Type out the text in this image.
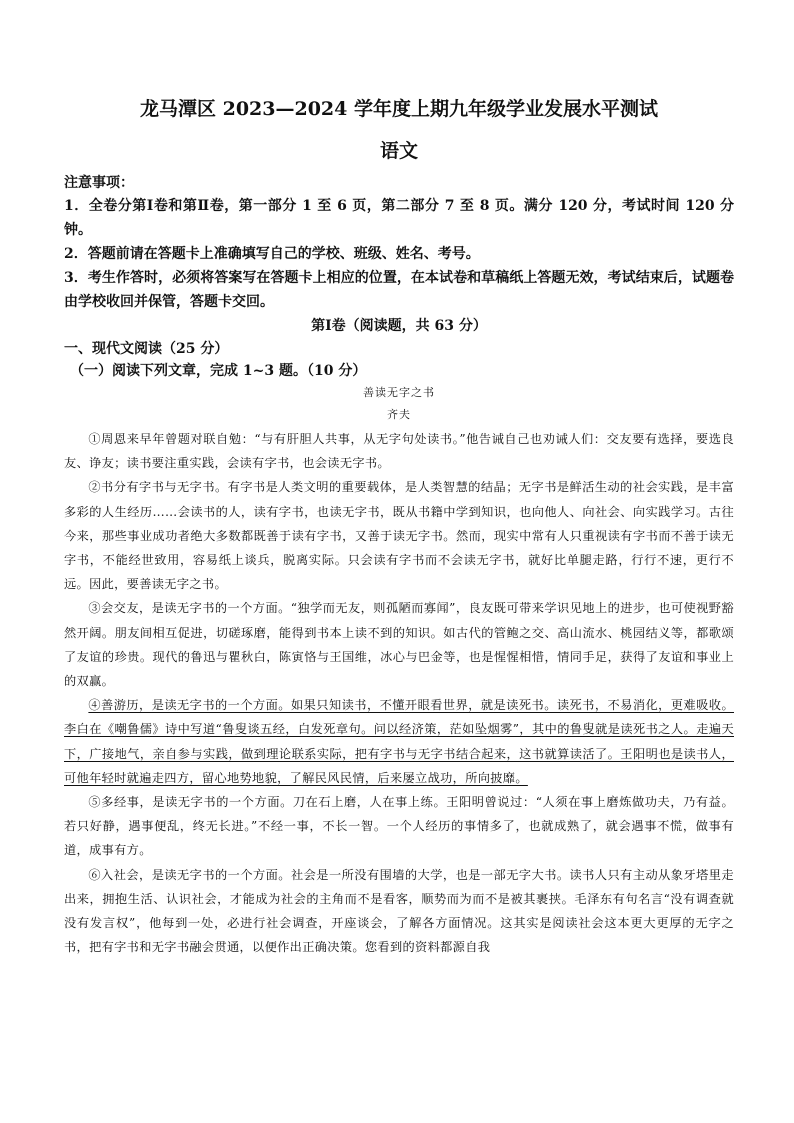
龙马潭区 2023—2024 学年度上期九年级学业发展水平测试
语文
注意事项：
1．全卷分第Ⅰ卷和第Ⅱ卷，第一部分 1 至 6 页，第二部分 7 至 8 页。满分 120 分，考试时间 120 分钟。
2．答题前请在答题卡上准确填写自己的学校、班级、姓名、考号。
3．考生作答时，必须将答案写在答题卡上相应的位置，在本试卷和草稿纸上答题无效，考试结束后，试题卷由学校收回并保管，答题卡交回。
第Ⅰ卷（阅读题，共 63 分）
一、现代文阅读（25 分）
（一）阅读下列文章，完成 1~3 题。（10 分）
善读无字之书
齐夫

①周恩来早年曾题对联自勉：“与有肝胆人共事，从无字句处读书。”他告诫自己也劝诫人们：交友要有选择，要选良友、诤友；读书要注重实践，会读有字书，也会读无字书。

②书分有字书与无字书。有字书是人类文明的重要载体，是人类智慧的结晶；无字书是鲜活生动的社会实践，是丰富多彩的人生经历……会读书的人，读有字书，也读无字书，既从书籍中学到知识，也向他人、向社会、向实践学习。古往今来，那些事业成功者绝大多数都既善于读有字书，又善于读无字书。然而，现实中常有人只重视读有字书而不善于读无字书，不能经世致用，容易纸上谈兵，脱离实际。只会读有字书而不会读无字书，就好比单腿走路，行行不速，更行不远。因此，要善读无字之书。

③会交友，是读无字书的一个方面。“独学而无友，则孤陋而寡闻”，良友既可带来学识见地上的进步，也可使视野豁然开阔。朋友间相互促进，切磋琢磨，能得到书本上读不到的知识。如古代的管鲍之交、高山流水、桃园结义等，都歌颂了友谊的珍贵。现代的鲁迅与瞿秋白，陈寅恪与王国维，冰心与巴金等，也是惺惺相惜，情同手足，获得了友谊和事业上的双赢。

④善游历，是读无字书的一个方面。如果只知读书，不懂开眼看世界，就是读死书。读死书，不易消化，更难吸收。李白在《嘲鲁儒》诗中写道“鲁叟谈五经，白发死章句。问以经济策，茫如坠烟雾”，其中的鲁叟就是读死书之人。走遍天下，广接地气，亲自参与实践，做到理论联系实际，把有字书与无字书结合起来，这书就算读活了。王阳明也是读书人，可他年轻时就遍走四方，留心地势地貌，了解民风民情，后来屡立战功，所向披靡。

⑤多经事，是读无字书的一个方面。刀在石上磨，人在事上练。王阳明曾说过：“人须在事上磨炼做功夫，乃有益。若只好静，遇事便乱，终无长进。”不经一事，不长一智。一个人经历的事情多了，也就成熟了，就会遇事不慌，做事有道，成事有方。

⑥入社会，是读无字书的一个方面。社会是一所没有围墙的大学，也是一部无字大书。读书人只有主动从象牙塔里走出来，拥抱生活、认识社会，才能成为社会的主角而不是看客，顺势而为而不是被其裹挟。毛泽东有句名言“没有调查就没有发言权”，他每到一处，必进行社会调查，开座谈会，了解各方面情况。这其实是阅读社会这本更大更厚的无字之书，把有字书和无字书融会贯通，以便作出正确决策。您看到的资料都源自我
